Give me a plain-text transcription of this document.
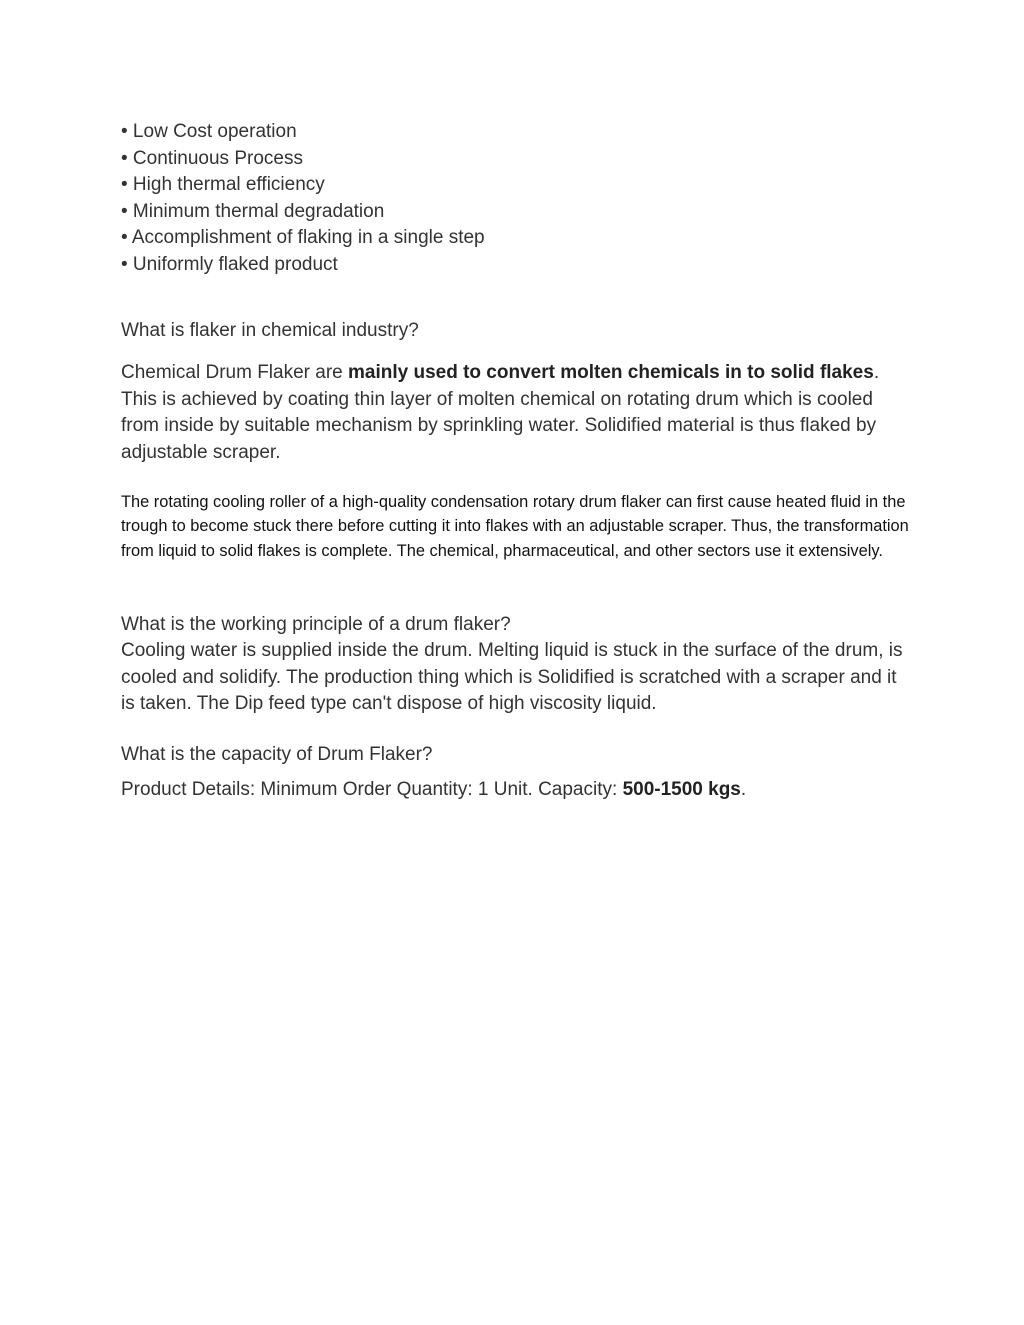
• Low Cost operation
• Continuous Process
• High thermal efficiency
• Minimum thermal degradation
• Accomplishment of flaking in a single step
• Uniformly flaked product

What is flaker in chemical industry?

Chemical Drum Flaker are mainly used to convert molten chemicals in to solid flakes. This is achieved by coating thin layer of molten chemical on rotating drum which is cooled from inside by suitable mechanism by sprinkling water. Solidified material is thus flaked by adjustable scraper.

The rotating cooling roller of a high-quality condensation rotary drum flaker can first cause heated fluid in the trough to become stuck there before cutting it into flakes with an adjustable scraper. Thus, the transformation from liquid to solid flakes is complete. The chemical, pharmaceutical, and other sectors use it extensively.

What is the working principle of a drum flaker?

Cooling water is supplied inside the drum. Melting liquid is stuck in the surface of the drum, is cooled and solidify. The production thing which is Solidified is scratched with a scraper and it is taken. The Dip feed type can't dispose of high viscosity liquid.

What is the capacity of Drum Flaker?

Product Details: Minimum Order Quantity: 1 Unit. Capacity: 500-1500 kgs.
